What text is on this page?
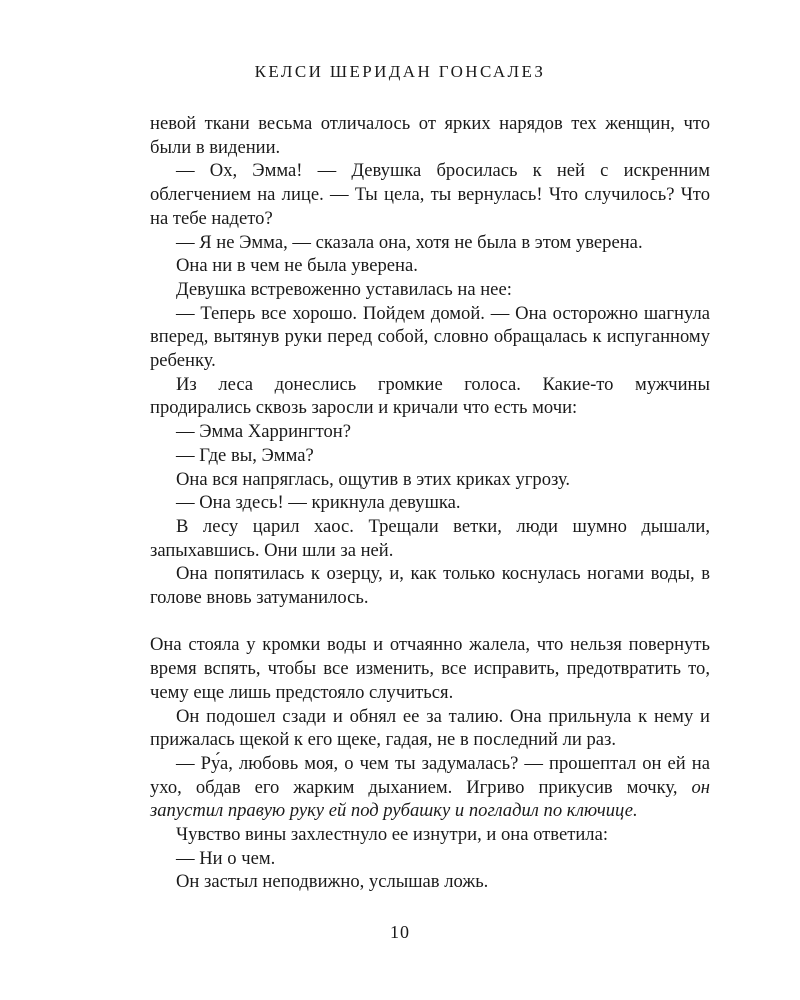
КЕЛСИ ШЕРИДАН ГОНСАЛЕЗ

невой ткани весьма отличалось от ярких нарядов тех женщин, что были в видении.

— Ох, Эмма! — Девушка бросилась к ней с искренним облегчением на лице. — Ты цела, ты вернулась! Что случилось? Что на тебе надето?

— Я не Эмма, — сказала она, хотя не была в этом уверена.

Она ни в чем не была уверена.

Девушка встревоженно уставилась на нее:

— Теперь все хорошо. Пойдем домой. — Она осторожно шагнула вперед, вытянув руки перед собой, словно обращалась к испуганному ребенку.

Из леса донеслись громкие голоса. Какие-то мужчины продирались сквозь заросли и кричали что есть мочи:

— Эмма Харрингтон?

— Где вы, Эмма?

Она вся напряглась, ощутив в этих криках угрозу.

— Она здесь! — крикнула девушка.

В лесу царил хаос. Трещали ветки, люди шумно дышали, запыхавшись. Они шли за ней.

Она попятилась к озерцу, и, как только коснулась ногами воды, в голове вновь затуманилось.

Она стояла у кромки воды и отчаянно жалела, что нельзя повернуть время вспять, чтобы все изменить, все исправить, предотвратить то, чему еще лишь предстояло случиться.

Он подошел сзади и обнял ее за талию. Она прильнула к нему и прижалась щекой к его щеке, гадая, не в последний ли раз.

— Ру́а, любовь моя, о чем ты задумалась? — прошептал он ей на ухо, обдав его жарким дыханием. Игриво прикусив мочку, он запустил правую руку ей под рубашку и погладил по ключице.

Чувство вины захлестнуло ее изнутри, и она ответила:

— Ни о чем.

Он застыл неподвижно, услышав ложь.

10
